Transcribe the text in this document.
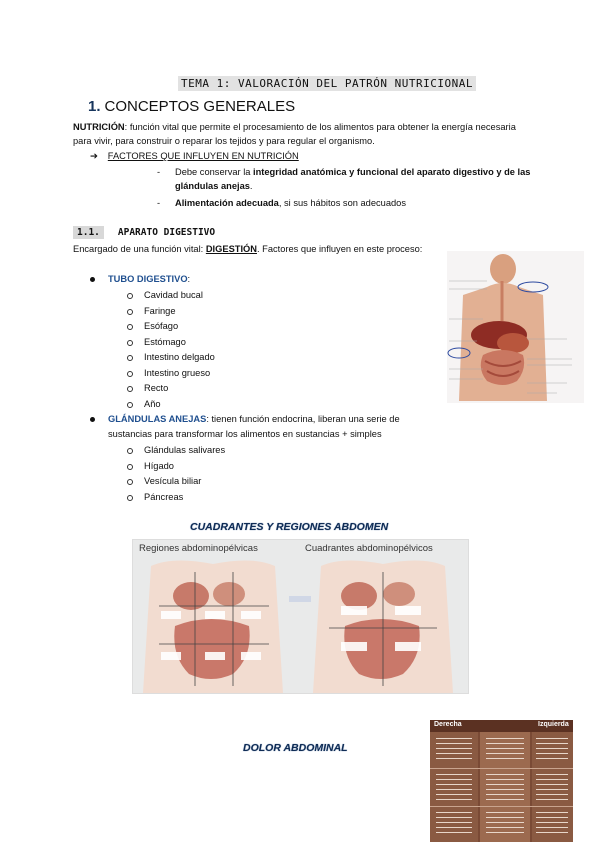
TEMA 1: VALORACIÓN DEL PATRÓN NUTRICIONAL
1. CONCEPTOS GENERALES
NUTRICIÓN: función vital que permite el procesamiento de los alimentos para obtener la energía necesaria para vivir, para construir o reparar los tejidos y para regular el organismo.
➔ FACTORES QUE INFLUYEN EN NUTRICIÓN
- Debe conservar la integridad anatómica y funcional del aparato digestivo y de las glándulas anejas.
- Alimentación adecuada, si sus hábitos son adecuados
1.1. APARATO DIGESTIVO
Encargado de una función vital: DIGESTIÓN. Factores que influyen en este proceso:
TUBO DIGESTIVO:
Cavidad bucal
Faringe
Esófago
Estómago
Intestino delgado
Intestino grueso
Recto
Año
GLÁNDULAS ANEJAS: tienen función endocrina, liberan una serie de sustancias para transformar los alimentos en sustancias + simples
Glándulas salivares
Hígado
Vesícula biliar
Páncreas
CUADRANTES Y REGIONES ABDOMEN
Regiones abdominopélvicas	Cuadrantes abdominopélvicos
DOLOR ABDOMINAL
Derecha	Izquierda
